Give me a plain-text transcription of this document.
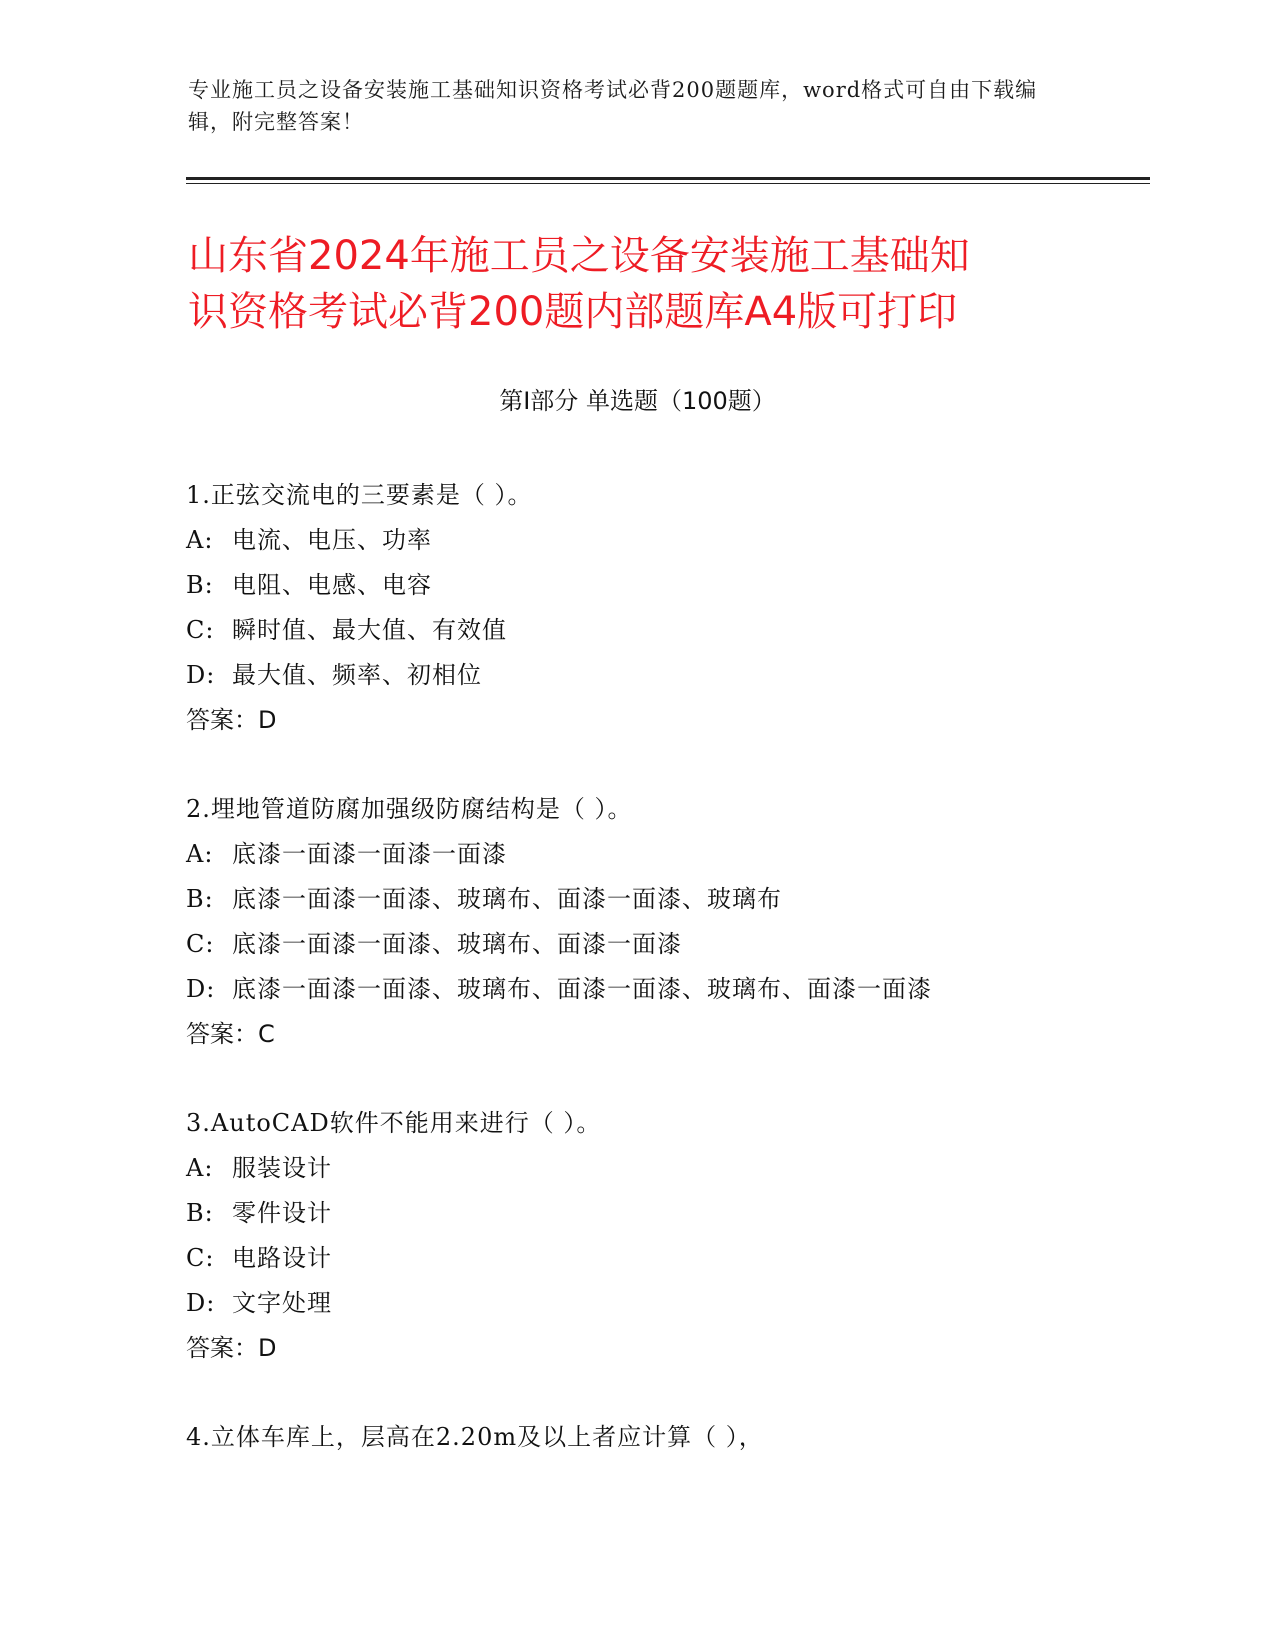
专业施工员之设备安装施工基础知识资格考试必背200题题库，word格式可自由下载编辑，附完整答案！
山东省2024年施工员之设备安装施工基础知
识资格考试必背200题内部题库A4版可打印
第Ⅰ部分 单选题（100题）
1.正弦交流电的三要素是（ ）。
A: 电流、电压、功率
B: 电阻、电感、电容
C: 瞬时值、最大值、有效值
D: 最大值、频率、初相位
答案：D
2.埋地管道防腐加强级防腐结构是（ ）。
A: 底漆一面漆一面漆一面漆
B: 底漆一面漆一面漆、玻璃布、面漆一面漆、玻璃布
C: 底漆一面漆一面漆、玻璃布、面漆一面漆
D: 底漆一面漆一面漆、玻璃布、面漆一面漆、玻璃布、面漆一面漆
答案：C
3.AutoCAD软件不能用来进行（ ）。
A: 服装设计
B: 零件设计
C: 电路设计
D: 文字处理
答案：D
4.立体车库上，层高在2.20m及以上者应计算（ ），
